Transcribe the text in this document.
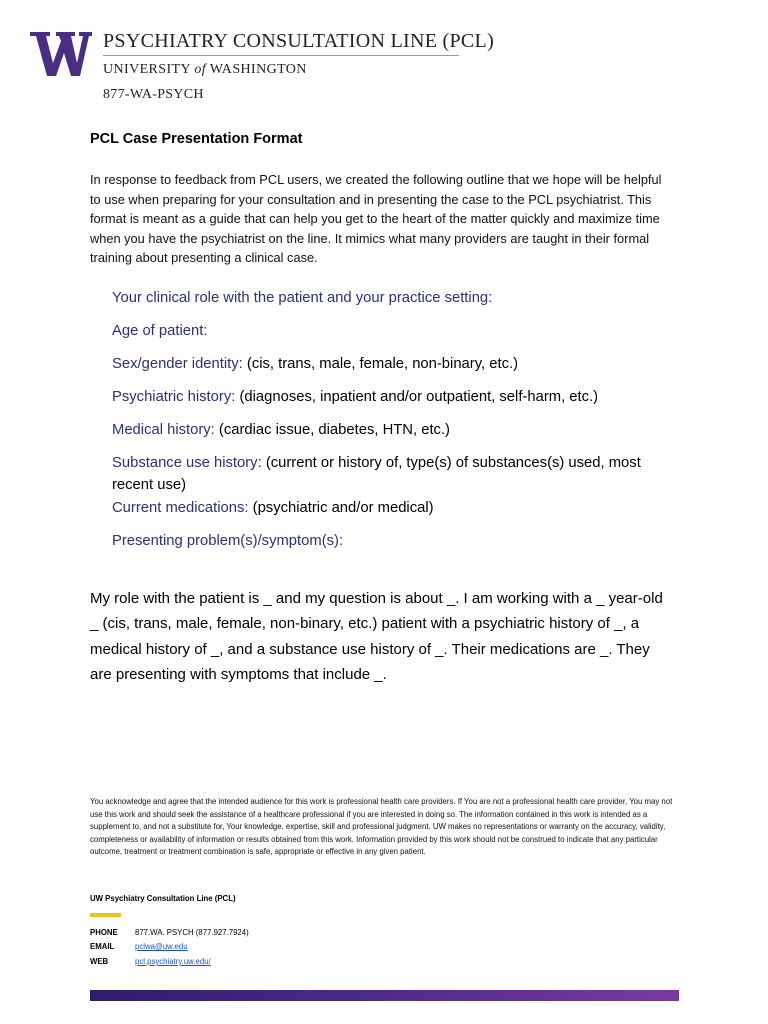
PSYCHIATRY CONSULTATION LINE (PCL)
UNIVERSITY of WASHINGTON
877-WA-PSYCH
PCL Case Presentation Format
In response to feedback from PCL users, we created the following outline that we hope will be helpful to use when preparing for your consultation and in presenting the case to the PCL psychiatrist. This format is meant as a guide that can help you get to the heart of the matter quickly and maximize time when you have the psychiatrist on the line. It mimics what many providers are taught in their formal training about presenting a clinical case.
Your clinical role with the patient and your practice setting:
Age of patient:
Sex/gender identity: (cis, trans, male, female, non-binary, etc.)
Psychiatric history: (diagnoses, inpatient and/or outpatient, self-harm, etc.)
Medical history: (cardiac issue, diabetes, HTN, etc.)
Substance use history: (current or history of, type(s) of substances(s) used, most recent use)
Current medications: (psychiatric and/or medical)
Presenting problem(s)/symptom(s):
My role with the patient is _ and my question is about _. I am working with a _ year-old _ (cis, trans, male, female, non-binary, etc.) patient with a psychiatric history of _, a medical history of _, and a substance use history of _. Their medications are _. They are presenting with symptoms that include _.
You acknowledge and agree that the intended audience for this work is professional health care providers. If You are not a professional health care provider, You may not use this work and should seek the assistance of a healthcare professional if you are interested in doing so. The information contained in this work is intended as a supplement to, and not a substitute for, Your knowledge, expertise, skill and professional judgment. UW makes no representations or warranty on the accuracy, validity, completeness or availability of information or results obtained from this work. Information provided by this work should not be construed to indicate that any particular outcome, treatment or treatment combination is safe, appropriate or effective in any given patient.
UW Psychiatry Consultation Line (PCL)
PHONE 877.WA. PSYCH (877.927.7924)
EMAIL	pclwa@uw.edu
WEB	pcl.psychiatry.uw.edu/
